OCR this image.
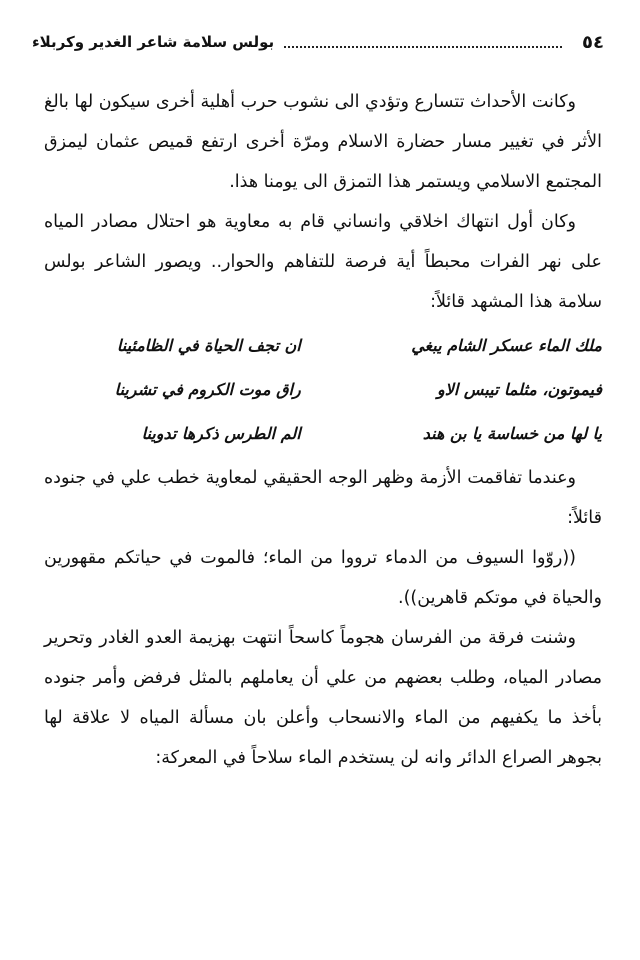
٥٤
بولس سلامة شاعر الغدير وكربلاء

وكانت الأحداث تتسارع وتؤدي الى نشوب حرب أهلية أخرى سيكون لها بالغ الأثر في تغيير مسار حضارة الاسلام ومرّة أخرى ارتفع قميص عثمان ليمزق المجتمع الاسلامي ويستمر هذا التمزق الى يومنا هذا.

وكان أول انتهاك اخلاقي وانساني قام به معاوية هو احتلال مصادر المياه على نهر الفرات محبطاً أية فرصة للتفاهم والحوار.. ويصور الشاعر بولس سلامة هذا المشهد قائلاً:

ملك الماء عسكر الشام يبغي
ان تجف الحياة في الظامئينا
فيموتون، مثلما تيبس الاو
راق موت الكروم في تشرينا
يا لها من خساسة يا بن هند
الم الطرس ذكرها تدوينا

وعندما تفاقمت الأزمة وظهر الوجه الحقيقي لمعاوية خطب علي في جنوده قائلاً:

((روّوا السيوف من الدماء ترووا من الماء؛ فالموت في حياتكم مقهورين والحياة في موتكم قاهرين)).

وشنت فرقة من الفرسان هجوماً كاسحاً انتهت بهزيمة العدو الغادر وتحرير مصادر المياه، وطلب بعضهم من علي أن يعاملهم بالمثل فرفض وأمر جنوده بأخذ ما يكفيهم من الماء والانسحاب وأعلن بان مسألة المياه لا علاقة لها بجوهر الصراع الدائر وانه لن يستخدم الماء سلاحاً في المعركة:
